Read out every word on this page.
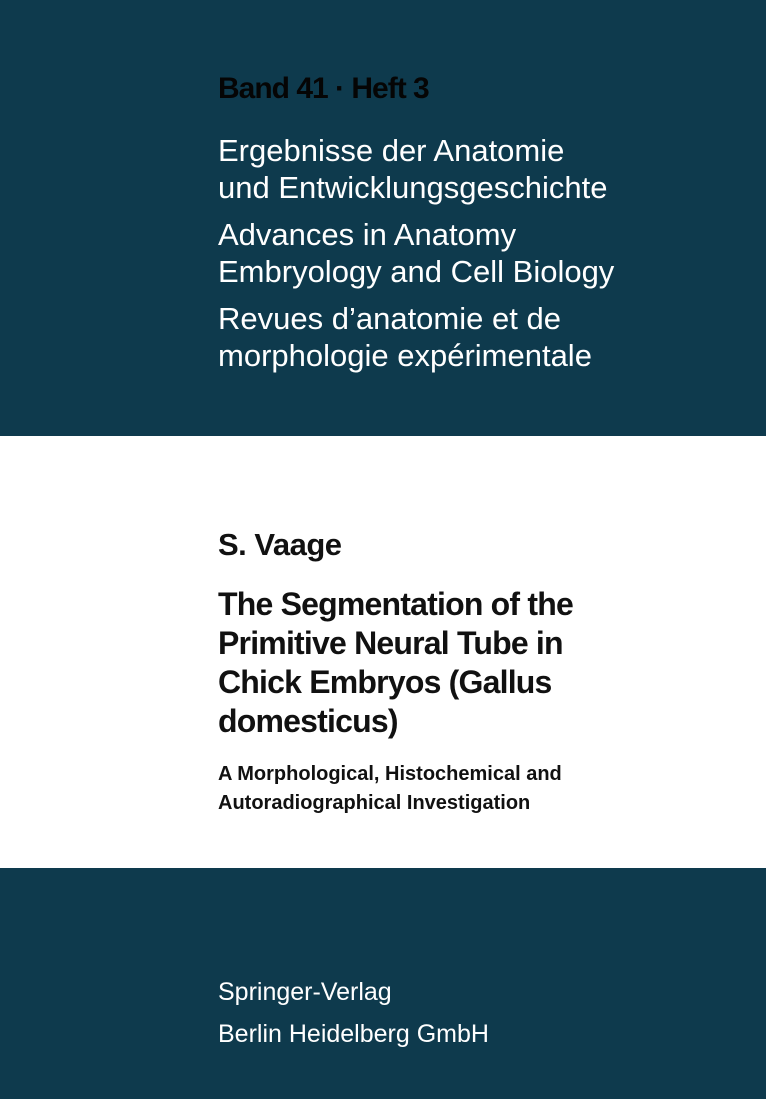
Band 41 · Heft 3

Ergebnisse der Anatomie
und Entwicklungsgeschichte
Advances in Anatomy
Embryology and Cell Biology
Revues d’anatomie et de
morphologie expérimentale

S. Vaage

The Segmentation of the
Primitive Neural Tube in
Chick Embryos (Gallus
domesticus)
A Morphological, Histochemical and
Autoradiographical Investigation

Springer-Verlag

Berlin Heidelberg GmbH
